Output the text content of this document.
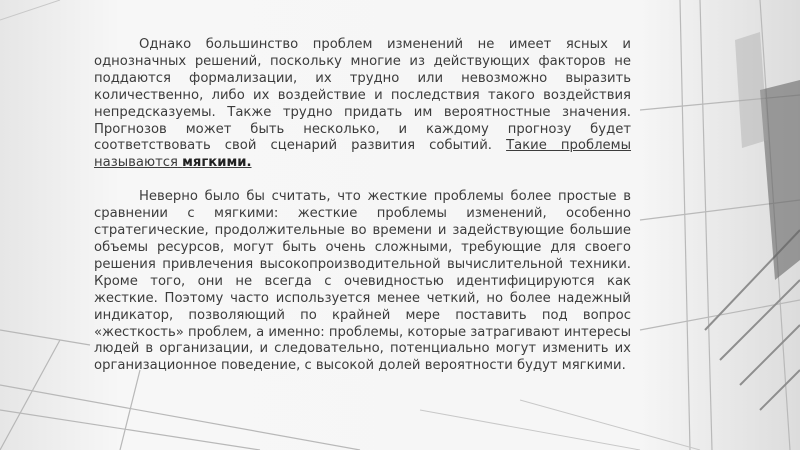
Однако большинство проблем изменений не имеет ясных и однозначных решений, поскольку многие из действующих факторов не поддаются формализации, их трудно или невозможно выразить количественно, либо их воздействие и последствия такого воздействия непредсказуемы. Также трудно придать им вероятностные значения. Прогнозов может быть несколько, и каждому прогнозу будет соответствовать свой сценарий развития событий. Такие проблемы называются мягкими.

Неверно было бы считать, что жесткие проблемы более простые в сравнении с мягкими: жесткие проблемы изменений, особенно стратегические, продолжительные во времени и задействующие большие объемы ресурсов, могут быть очень сложными, требующие для своего решения привлечения высокопроизводительной вычислительной техники. Кроме того, они не всегда с очевидностью идентифицируются как жесткие. Поэтому часто используется менее четкий, но более надежный индикатор, позволяющий по крайней мере поставить под вопрос «жесткость» проблем, а именно: проблемы, которые затрагивают интересы людей в организации, и следовательно, потенциально могут изменить их организационное поведение, с высокой долей вероятности будут мягкими.
